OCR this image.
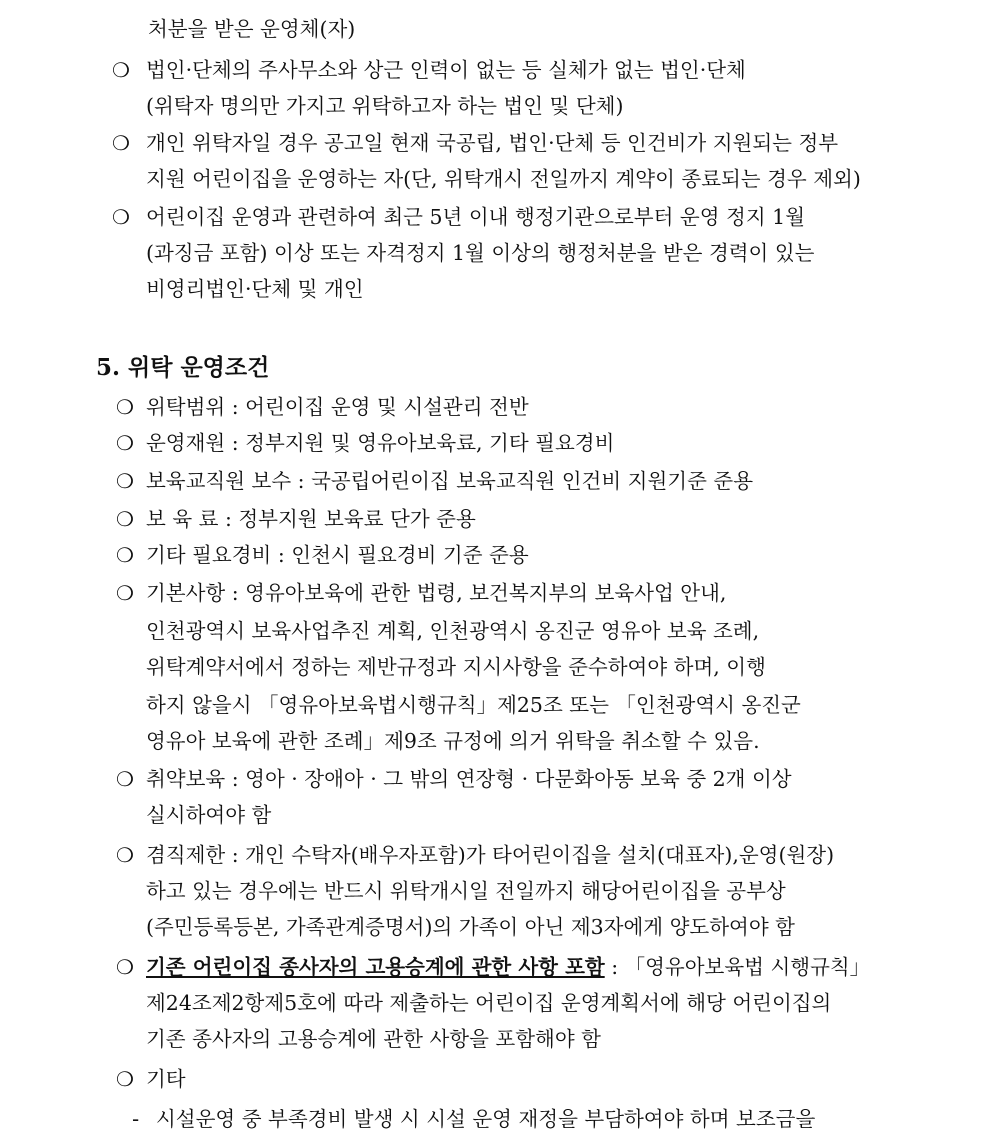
처분을 받은 운영체(자)
❍ 법인·단체의 주사무소와 상근 인력이 없는 등 실체가 없는 법인·단체
(위탁자 명의만 가지고 위탁하고자 하는 법인 및 단체)
❍ 개인 위탁자일 경우 공고일 현재 국공립, 법인·단체 등 인건비가 지원되는 정부
지원 어린이집을 운영하는 자(단, 위탁개시 전일까지 계약이 종료되는 경우 제외)
❍ 어린이집 운영과 관련하여 최근 5년 이내 행정기관으로부터 운영 정지 1월
(과징금 포함) 이상 또는 자격정지 1월 이상의 행정처분을 받은 경력이 있는
비영리법인·단체 및 개인
5. 위탁 운영조건
❍ 위탁범위 : 어린이집 운영 및 시설관리 전반
❍ 운영재원 : 정부지원 및 영유아보육료, 기타 필요경비
❍ 보육교직원 보수 : 국공립어린이집 보육교직원 인건비 지원기준 준용
❍ 보 육 료 : 정부지원 보육료 단가 준용
❍ 기타 필요경비 : 인천시 필요경비 기준 준용
❍ 기본사항 : 영유아보육에 관한 법령, 보건복지부의 보육사업 안내,
인천광역시 보육사업추진 계획, 인천광역시 옹진군 영유아 보육 조례,
위탁계약서에서 정하는 제반규정과 지시사항을 준수하여야 하며, 이행
하지 않을시 「영유아보육법시행규칙」제25조 또는 「인천광역시 옹진군
영유아 보육에 관한 조례」제9조 규정에 의거 위탁을 취소할 수 있음.
❍ 취약보육 : 영아 · 장애아 · 그 밖의 연장형 · 다문화아동 보육 중 2개 이상
실시하여야 함
❍ 겸직제한 : 개인 수탁자(배우자포함)가 타어린이집을 설치(대표자),운영(원장)
하고 있는 경우에는 반드시 위탁개시일 전일까지 해당어린이집을 공부상
(주민등록등본, 가족관계증명서)의 가족이 아닌 제3자에게 양도하여야 함
❍ 기존 어린이집 종사자의 고용승계에 관한 사항 포함 : 「영유아보육법 시행규칙」
제24조제2항제5호에 따라 제출하는 어린이집 운영계획서에 해당 어린이집의
기존 종사자의 고용승계에 관한 사항을 포함해야 함
❍ 기타
- 시설운영 중 부족경비 발생 시 시설 운영 재정을 부담하여야 하며 보조금을
